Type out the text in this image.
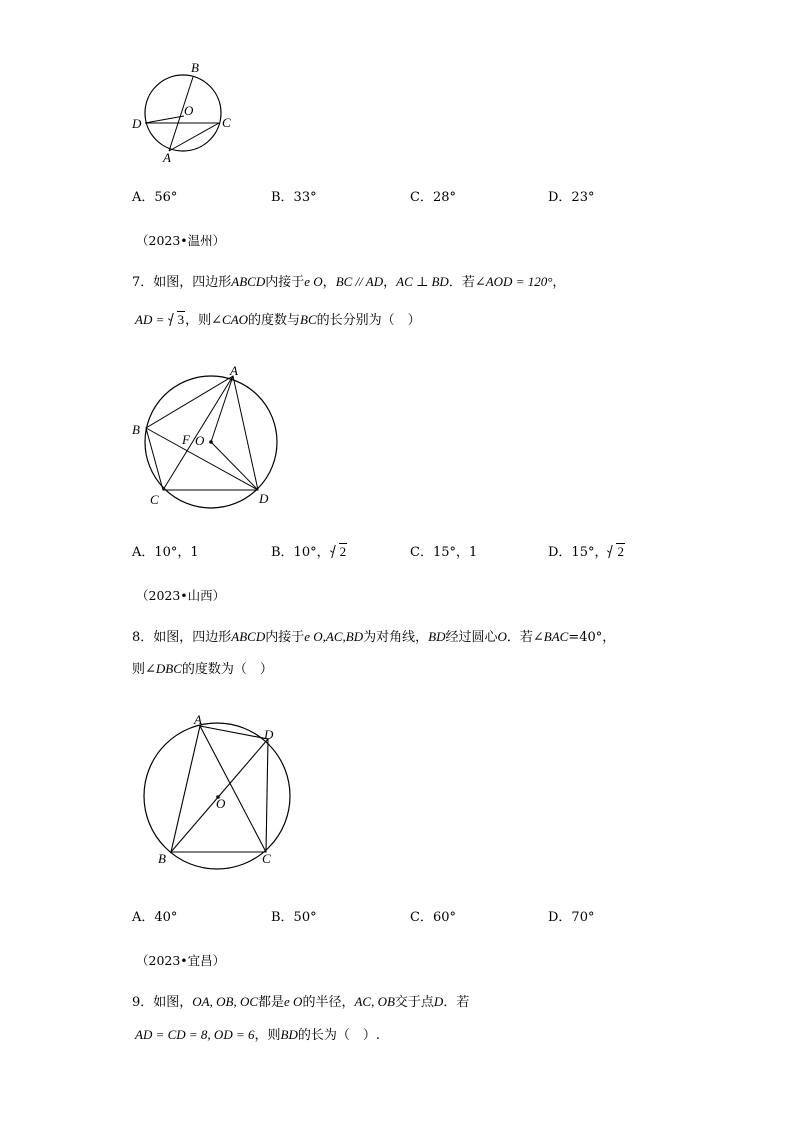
B
O
D	C
A
A．56°	B．33°	C．28°	D．23°
（2023•温州）
7．如图，四边形ABCD内接于e O，BC // AD，AC ⊥ BD．若∠AOD = 120°，
AD = 3，则∠CAO的度数与BC的长分别为（　）
A
B
F O
C	D
A．10°，1	B．10°， 2	C．15°，1	D．15°， 2
（2023•山西）
8．如图，四边形ABCD内接于e O,AC,BD为对角线，BD经过圆心O．若∠BAC=40°，
则∠DBC的度数为（　）
A
D
O
B	C
A．40°	B．50°	C．60°	D．70°
（2023•宜昌）
9．如图，OA, OB, OC都是e O的半径，AC, OB交于点D．若
AD = CD = 8, OD = 6，则BD的长为（　）.
